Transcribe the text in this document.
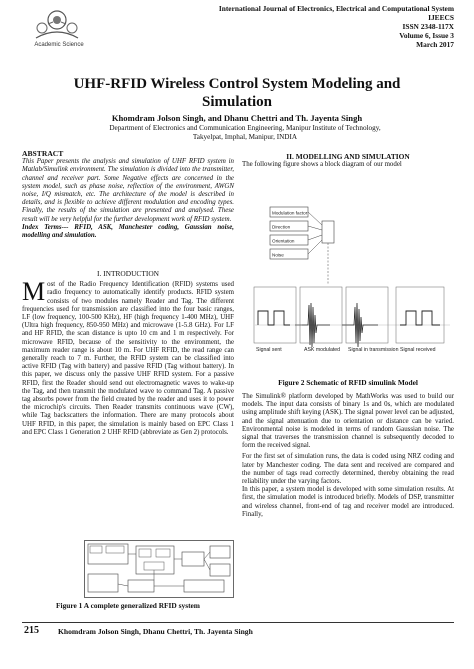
International Journal of Electronics, Electrical and Computational System
IJEECS
ISSN 2348-117X
Volume 6, Issue 3
March 2017
Academic Science
UHF-RFID Wireless Control System Modeling and Simulation
Khomdram Jolson Singh, and Dhanu Chettri and Th. Jayenta Singh
Department of Electronics and Communication Engineering, Manipur Institute of Technology, Takyelpat, Imphal, Manipur, INDIA
ABSTRACT
This Paper presents the analysis and simulation of UHF RFID system in Matlab/Simulink environment. The simulation is divided into the transmitter, channel and receiver part. Some Negative effects are concerned in the system model, such as phase noise, reflection of the environment, AWGN noise, I/Q mismatch, etc. The architecture of the model is described in details, and is flexible to achieve different modulation and encoding types. Finally, the results of the simulation are presented and analysed. These result will be very helpful for the further development work of RFID system.
Index Terms--- RFID, ASK, Manchester coding, Gaussian noise, modelling and simulation.
I. INTRODUCTION
Most of the Radio Frequency Identification (RFID) systems used radio frequency to automatically identify products. RFID system consists of two modules namely Reader and Tag. The different frequencies used for transmission are classified into the four basic ranges, LF (low frequency, 100-500 KHz), HF (high frequency 1-400 MHz), UHF (Ultra high frequency, 850-950 MHz) and microwave (1-5.8 GHz). For LF and HF RFID, the scan distance is upto 10 cm and 1 m respectively. For microwave RFID, because of the sensitivity to the environment, the maximum reader range is about 10 m. For UHF RFID, the read range can generally reach to 7 m. Further, the RFID system can be classified into active RFID (Tag with battery) and passive RFID (Tag without battery). In this paper, we discuss only the passive UHF RFID system. For a passive RFID, first the Reader should send out electromagnetic waves to wake-up the Tag, and then transmit the modulated wave to command Tag. A passive tag absorbs power from the field created by the reader and uses it to power the microchip's circuits. Then Reader transmits continuous wave (CW), while Tag backscatters the information. There are many protocols about UHF RFID, in this paper, the simulation is mainly based on EPC Class 1 and EPC Class 1 Generation 2 UHF RFID (abbreviate as Gen 2) protocols.
Figure 1 A complete generalized RFID system
II. MODELLING AND SIMULATION
The following figure shows a block diagram of our model
Modulation factor
Direction
Orientation
Noise
Signal sent	ASK modulated Signal in transmission Signal received
Figure 2 Schematic of RFID simulink Model
The Simulink® platform developed by MathWorks was used to build our models. The input data consists of binary 1s and 0s, which are modulated using amplitude shift keying (ASK). The signal power level can be adjusted, and the signal attenuation due to orientation or distance can be varied. Environmental noise is modeled in terms of random Gaussian noise. The signal that traverses the transmission channel is subsequently decoded to form the received signal.
For the first set of simulation runs, the data is coded using NRZ coding and later by Manchester coding. The data sent and received are compared and the number of tags read correctly determined, thereby obtaining the read reliability under the varying factors.
In this paper, a system model is developed with some simulation results. At first, the simulation model is introduced briefly. Models of DSP, transmitter and wireless channel, front-end of tag and receiver model are introduced. Finally,
215	Khomdram Jolson Singh, Dhanu Chettri, Th. Jayenta Singh
